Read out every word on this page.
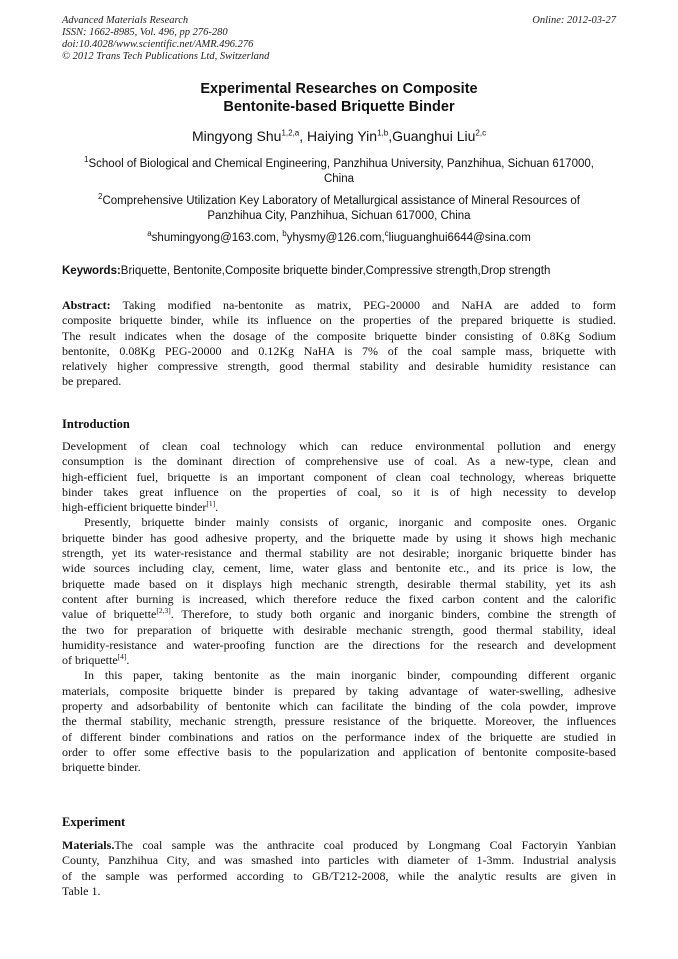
Advanced Materials Research
ISSN: 1662-8985, Vol. 496, pp 276-280
doi:10.4028/www.scientific.net/AMR.496.276
© 2012 Trans Tech Publications Ltd, Switzerland
Online: 2012-03-27
Experimental Researches on Composite
Bentonite-based Briquette Binder
Mingyong Shu$^{1,2,a}$, Haiying Yin$^{1,b}$,Guanghui Liu$^{2,c}$
$^1$School of Biological and Chemical Engineering, Panzhihua University, Panzhihua, Sichuan 617000,
China
$^2$Comprehensive Utilization Key Laboratory of Metallurgical assistance of Mineral Resources of
Panzhihua City, Panzhihua, Sichuan 617000, China
$^a$shumingyong@163.com, $^b$yhysmy@126.com,$^c$liuguanghui6644@sina.com
Keywords:Briquette, Bentonite,Composite briquette binder,Compressive strength,Drop strength
Abstract: Taking modified na-bentonite as matrix, PEG-20000 and NaHA are added to form
composite briquette binder, while its influence on the properties of the prepared briquette is studied.
The result indicates when the dosage of the composite briquette binder consisting of 0.8Kg Sodium
bentonite, 0.08Kg PEG-20000 and 0.12Kg NaHA is 7% of the coal sample mass, briquette with
relatively higher compressive strength, good thermal stability and desirable humidity resistance can
be prepared.
Introduction
Development of clean coal technology which can reduce environmental pollution and energy
consumption is the dominant direction of comprehensive use of coal. As a new-type, clean and
high-efficient fuel, briquette is an important component of clean coal technology, whereas briquette
binder takes great influence on the properties of coal, so it is of high necessity to develop
high-efficient briquette binder[1].
Presently, briquette binder mainly consists of organic, inorganic and composite ones. Organic
briquette binder has good adhesive property, and the briquette made by using it shows high mechanic
strength, yet its water-resistance and thermal stability are not desirable; inorganic briquette binder has
wide sources including clay, cement, lime, water glass and bentonite etc., and its price is low, the
briquette made based on it displays high mechanic strength, desirable thermal stability, yet its ash
content after burning is increased, which therefore reduce the fixed carbon content and the calorific
value of briquette[2,3]. Therefore, to study both organic and inorganic binders, combine the strength of
the two for preparation of briquette with desirable mechanic strength, good thermal stability, ideal
humidity-resistance and water-proofing function are the directions for the research and development
of briquette[4].
In this paper, taking bentonite as the main inorganic binder, compounding different organic
materials, composite briquette binder is prepared by taking advantage of water-swelling, adhesive
property and adsorbability of bentonite which can facilitate the binding of the cola powder, improve
the thermal stability, mechanic strength, pressure resistance of the briquette. Moreover, the influences
of different binder combinations and ratios on the performance index of the briquette are studied in
order to offer some effective basis to the popularization and application of bentonite composite-based
briquette binder.
Experiment
Materials.The coal sample was the anthracite coal produced by Longmang Coal Factoryin Yanbian
County, Panzhihua City, and was smashed into particles with diameter of 1-3mm. Industrial analysis
of the sample was performed according to GB/T212-2008, while the analytic results are given in
Table 1.
